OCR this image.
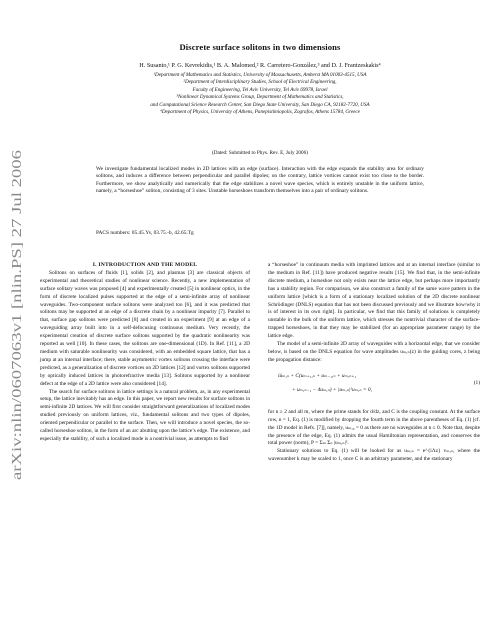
arXiv:nlin/0607063v1 [nlin.PS] 27 Jul 2006
Discrete surface solitons in two dimensions
H. Susanto,¹ P. G. Kevrekidis,¹ B. A. Malomed,² R. Carretero-González,³ and D. J. Frantzeskakis⁴
¹Department of Mathematics and Statistics, University of Massachusetts, Amherst MA 01003-4515, USA
²Department of Interdisciplinary Studies, School of Electrical Engineering,
Faculty of Engineering, Tel Aviv University, Tel Aviv 69978, Israel
³Nonlinear Dynamical Systems Group, Department of Mathematics and Statistics,
and Computational Science Research Center, San Diego State University, San Diego CA, 92182-7720, USA
⁴Department of Physics, University of Athens, Panepistimiopolis, Zografos, Athens 15784, Greece
(Dated: Submitted to Phys. Rev. E, July 2006)
We investigate fundamental localized modes in 2D lattices with an edge (surface). Interaction with the edge expands the stability area for ordinary solitons, and induces a difference between perpendicular and parallel dipoles; on the contrary, lattice vortices cannot exist too close to the border. Furthermore, we show analytically and numerically that the edge stabilizes a novel wave species, which is entirely unstable in the uniform lattice, namely, a “horseshoe” soliton, consisting of 3 sites. Unstable horseshoes transform themselves into a pair of ordinary solitons.
PACS numbers: 05.45.Yv, 03.75.-b, 42.65.Tg

I. INTRODUCTION AND THE MODEL

Solitons on surfaces of fluids [1], solids [2], and plasmas [3] are classical objects of experimental and theoretical studies of nonlinear science. Recently, a new implementation of surface solitary waves was proposed [4] and experimentally created [5] in nonlinear optics, in the form of discrete localized pulses supported at the edge of a semi-infinite array of nonlinear waveguides. Two-component surface solitons were analyzed too [6], and it was predicted that solitons may be supported at an edge of a discrete chain by a nonlinear impurity [7]. Parallel to that, surface gap solitons were predicted [8] and created in an experiment [9] at an edge of a waveguiding array built into in a self-defocusing continuous medium. Very recently, the experimental creation of discrete surface solitons supported by the quadratic nonlinearity was reported as well [10]. In these cases, the solitons are one-dimensional (1D). In Ref. [11], a 2D medium with saturable nonlinearity was considered, with an embedded square lattice, that has a jump at an internal interface; there, stable asymmetric vortex solitons crossing the interface were predicted, as a generalization of discrete vortices on 2D lattices [12] and vortex solitons supported by optically induced lattices in photorefractive media [13]. Solitons supported by a nonlinear defect at the edge of a 2D lattice were also considered [14].

The search for surface solitons in lattice settings is a natural problem, as, in any experimental setup, the lattice inevitably has an edge. In this paper, we report new results for surface solitons in semi-infinite 2D lattices. We will first consider straightforward generalizations of localized modes studied previously on uniform lattices, viz., fundamental solitons and two types of dipoles, oriented perpendicular or parallel to the surface. Then, we will introduce a novel species, the so-called horseshoe soliton, in the form of an arc abutting upon the lattice’s edge. The existence, and especially the stability, of such a localized mode is a nontrivial issue, as attempts to find

a “horseshoe” in continuum media with imprinted lattices and at an internal interface (similar to the medium in Ref. [11]) have produced negative results [15]. We find that, in the semi-infinite discrete medium, a horseshoe not only exists near the lattice edge, but perhaps more importantly has a stability region. For comparison, we also construct a family of the same wave pattern in the uniform lattice [which is a form of a stationary localized solution of the 2D discrete nonlinear Schrödinger (DNLS) equation that has not been discussed previously and we illustrate how/why it is of interest in its own right]. In particular, we find that this family of solutions is completely unstable in the bulk of the uniform lattice, which stresses the nontrivial character of the surface-trapped horseshoes, in that they may be stabilized (for an appropriate parameter range) by the lattice edge.

The model of a semi-infinite 2D array of waveguides with a horizontal edge, that we consider below, is based on the DNLS equation for wave amplitudes uₘ,ₙ(z) in the guiding cores, z being the propagation distance:

iu̇ₘ,ₙ + C(uₘ₊₁,ₙ + uₘ₋₁,ₙ + uₘ,ₙ₊₁
+ uₘ,ₙ₋₁ − 4uₘ,ₙ) + |uₘ,ₙ|²uₘ,ₙ = 0,
(1)

for n ≥ 2 and all m, where the prime stands for d/dz, and C is the coupling constant. At the surface row, n = 1, Eq. (1) is modified by dropping the fourth term in the above parentheses of Eq. (1) [cf. the 1D model in Refs. [7]], namely, uₘ,₀ = 0 as there are no waveguides at n ≤ 0. Note that, despite the presence of the edge, Eq. (1) admits the usual Hamiltonian representation, and conserves the total power (norm), P = Σₘ Σₙ |uₘ,ₙ|².

Stationary solutions to Eq. (1) will be looked for as uₘ,ₙ = e^{iΛz} vₘ,ₙ, where the wavenumber k may be scaled to 1, once C is an arbitrary parameter, and the stationary
